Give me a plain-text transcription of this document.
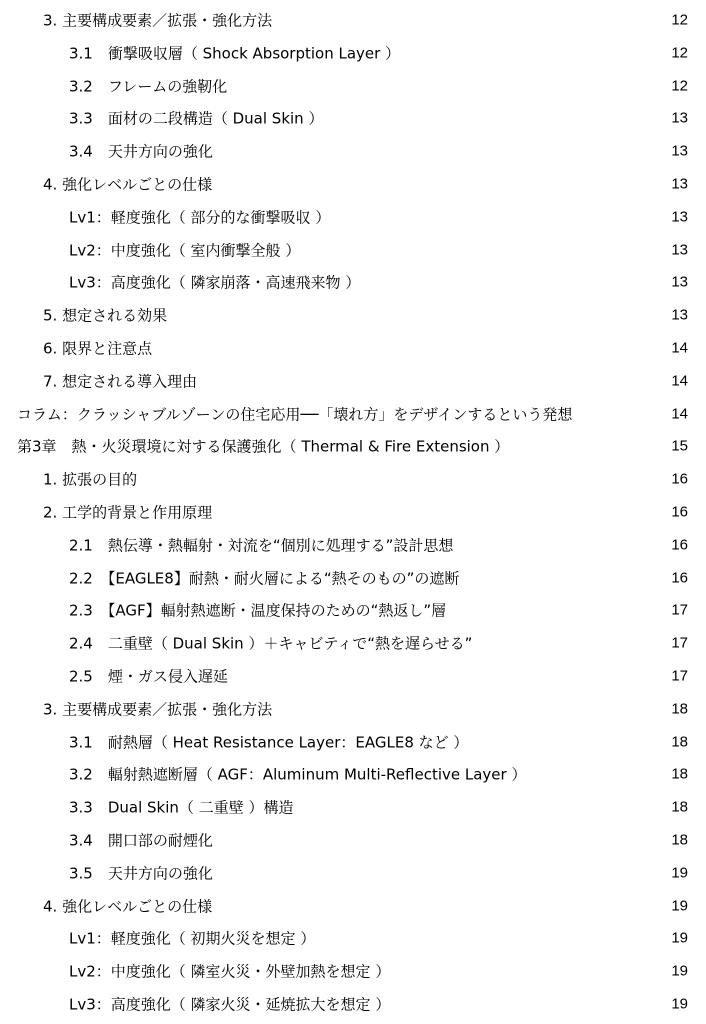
3. 主要構成要素／拡張・強化方法	12
3.1　衝撃吸収層（ Shock Absorption Layer ）	12
3.2　フレームの強靭化	12
3.3　面材の二段構造（ Dual Skin ）	13
3.4　天井方向の強化	13
4. 強化レベルごとの仕様	13
Lv1：軽度強化（ 部分的な衝撃吸収 ）	13
Lv2：中度強化（ 室内衝撃全般 ）	13
Lv3：高度強化（ 隣家崩落・高速飛来物 ）	13
5. 想定される効果	13
6. 限界と注意点	14
7. 想定される導入理由	14
コラム：クラッシャブルゾーンの住宅応用──「壊れ方」をデザインするという発想	14
第3章　熱・火災環境に対する保護強化（ Thermal & Fire Extension ）	15
1. 拡張の目的	16
2. 工学的背景と作用原理	16
2.1　熱伝導・熱輻射・対流を“個別に処理する”設計思想	16
2.2　【EAGLE8】耐熱・耐火層による“熱そのもの”の遮断	16
2.3　【AGF】輻射熱遮断・温度保持のための“熱返し”層	17
2.4　二重壁（ Dual Skin ）＋キャビティで“熱を遅らせる”	17
2.5　煙・ガス侵入遅延	17
3. 主要構成要素／拡張・強化方法	18
3.1　耐熱層（ Heat Resistance Layer：EAGLE8 など ）	18
3.2　輻射熱遮断層（ AGF：Aluminum Multi-Reflective Layer ）	18
3.3　Dual Skin（ 二重壁 ）構造	18
3.4　開口部の耐煙化	18
3.5　天井方向の強化	19
4. 強化レベルごとの仕様	19
Lv1：軽度強化（ 初期火災を想定 ）	19
Lv2：中度強化（ 隣室火災・外壁加熱を想定 ）	19
Lv3：高度強化（ 隣家火災・延焼拡大を想定 ）	19
